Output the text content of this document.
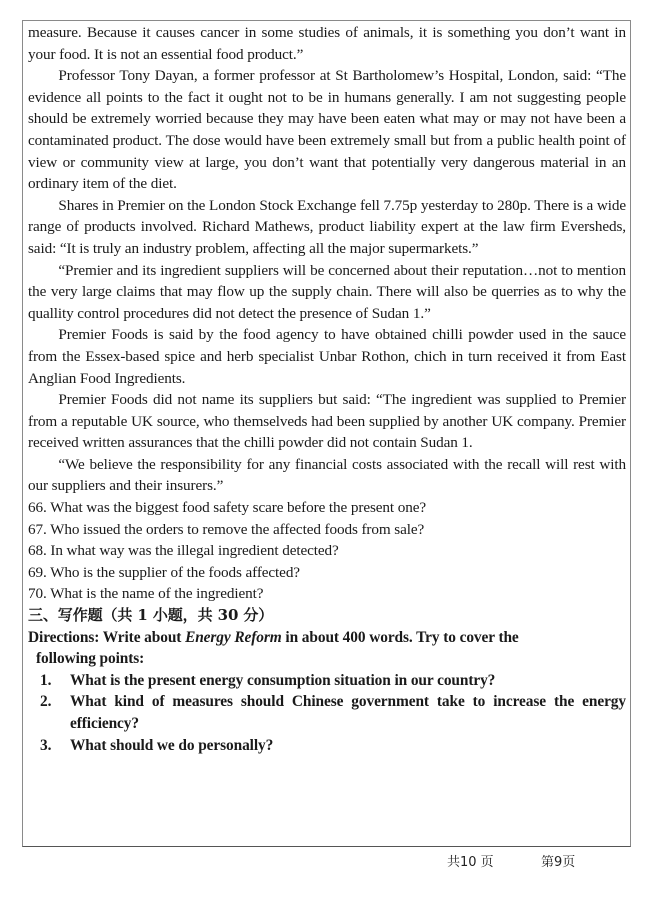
measure. Because it causes cancer in some studies of animals, it is something you don’t want in your food. It is not an essential food product.”

Professor Tony Dayan, a former professor at St Bartholomew’s Hospital, London, said: “The evidence all points to the fact it ought not to be in humans generally. I am not suggesting people should be extremely worried because they may have been eaten what may or may not have been a contaminated product. The dose would have been extremely small but from a public health point of view or community view at large, you don’t want that potentially very dangerous material in an ordinary item of the diet.

Shares in Premier on the London Stock Exchange fell 7.75p yesterday to 280p. There is a wide range of products involved. Richard Mathews, product liability expert at the law firm Eversheds, said: “It is truly an industry problem, affecting all the major supermarkets.”

“Premier and its ingredient suppliers will be concerned about their reputation…not to mention the very large claims that may flow up the supply chain. There will also be querries as to why the quallity control procedures did not detect the presence of Sudan 1.”

Premier Foods is said by the food agency to have obtained chilli powder used in the sauce from the Essex-based spice and herb specialist Unbar Rothon, chich in turn received it from East Anglian Food Ingredients.

Premier Foods did not name its suppliers but said: “The ingredient was supplied to Premier from a reputable UK source, who themselveds had been supplied by another UK company. Premier received written assurances that the chilli powder did not contain Sudan 1.

“We believe the responsibility for any financial costs associated with the recall will rest with our suppliers and their insurers.”

66. What was the biggest food safety scare before the present one?

67. Who issued the orders to remove the affected foods from sale?

68. In what way was the illegal ingredient detected?

69. Who is the supplier of the foods affected?

70. What is the name of the ingredient?

三、写作题（共 1 小题，共 30 分）

Directions: Write about Energy Reform in about 400 words. Try to cover the

following points:

1.	What is the present energy consumption situation in our country?
2.	What kind of measures should Chinese government take to increase the energy efficiency?
3.	What should we do personally?
共10 页	第9页
